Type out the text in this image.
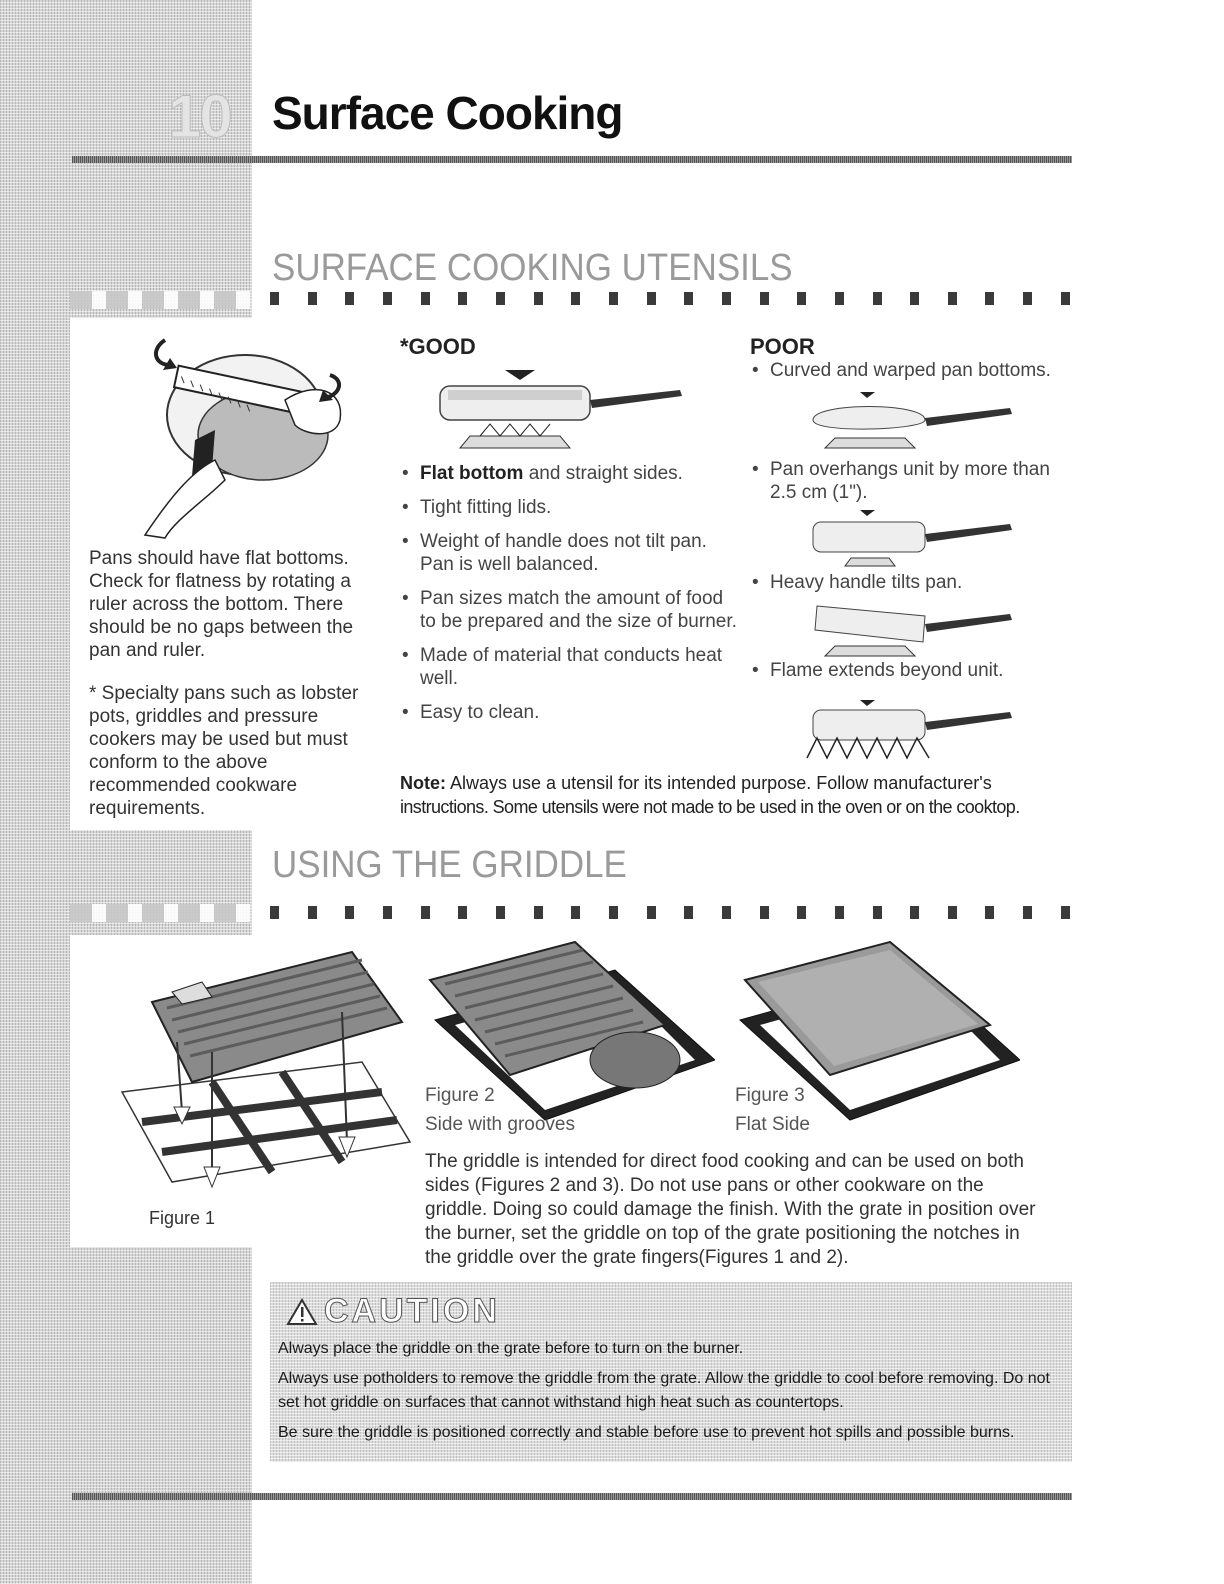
10 Surface Cooking
SURFACE COOKING UTENSILS
Pans should have flat bottoms. Check for flatness by rotating a ruler across the bottom. There should be no gaps between the pan and ruler.
* Specialty pans such as lobster pots, griddles and pressure cookers may be used but must conform to the above recommended cookware requirements.
*GOOD
• Flat bottom and straight sides.
• Tight fitting lids.
• Weight of handle does not tilt pan. Pan is well balanced.
• Pan sizes match the amount of food to be prepared and the size of burner.
• Made of material that conducts heat well.
• Easy to clean.
POOR
• Curved and warped pan bottoms.
• Pan overhangs unit by more than 2.5 cm (1").
• Heavy handle tilts pan.
• Flame extends beyond unit.
Note: Always use a utensil for its intended purpose. Follow manufacturer's
instructions. Some utensils were not made to be used in the oven or on the cooktop.
USING THE GRIDDLE
Figure 1
Figure 2
Side with grooves
Figure 3
Flat Side
The griddle is intended for direct food cooking and can be used on both
sides (Figures 2 and 3). Do not use pans or other cookware on the
griddle. Doing so could damage the finish. With the grate in position over
the burner, set the griddle on top of the grate positioning the notches in
the griddle over the grate fingers(Figures 1 and 2).
CAUTION
Always place the griddle on the grate before to turn on the burner.
Always use potholders to remove the griddle from the grate. Allow the griddle to cool before removing. Do not
set hot griddle on surfaces that cannot withstand high heat such as countertops.
Be sure the griddle is positioned correctly and stable before use to prevent hot spills and possible burns.
